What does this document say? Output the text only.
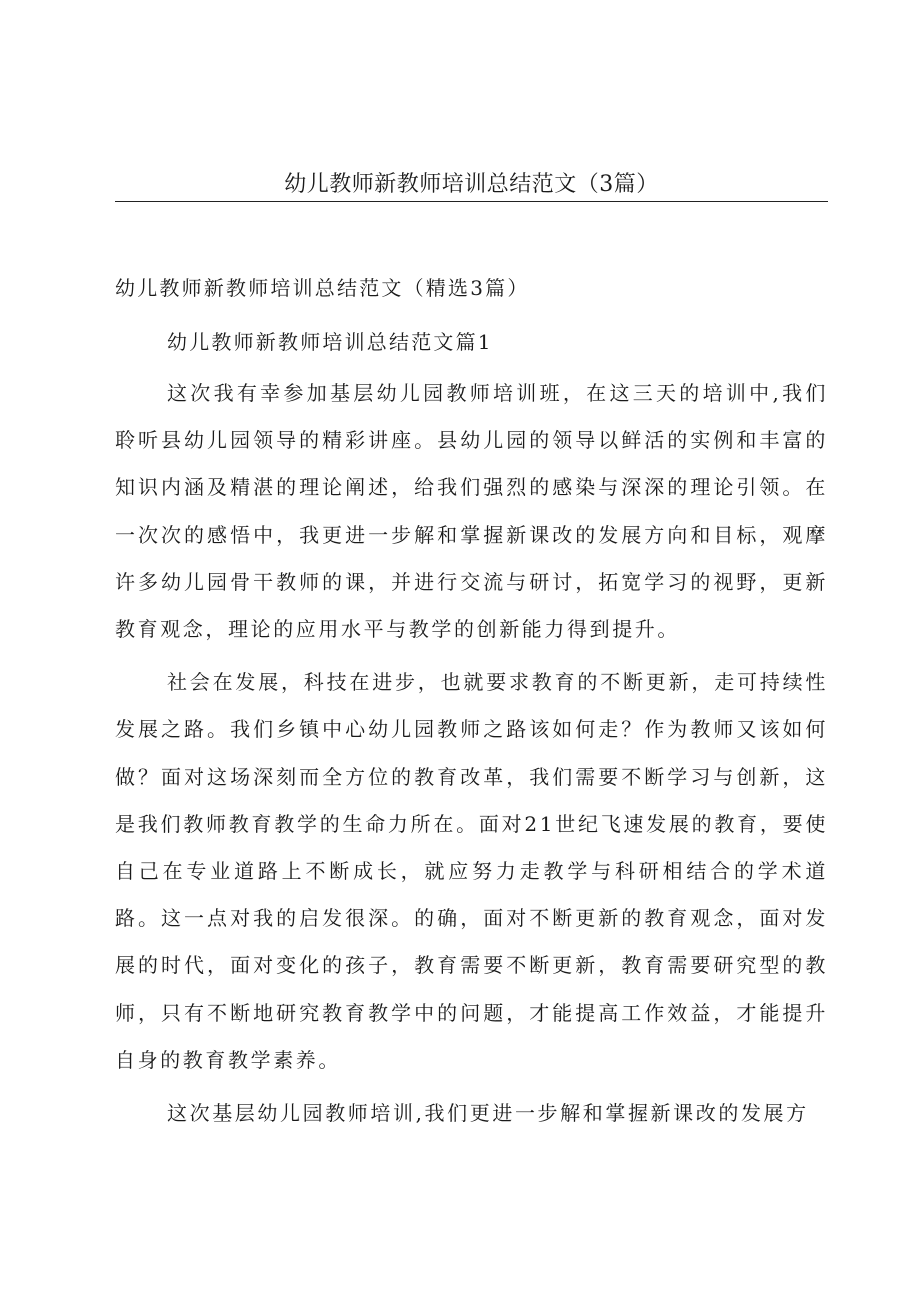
幼儿教师新教师培训总结范文（3篇）
幼儿教师新教师培训总结范文（精选3篇）
幼儿教师新教师培训总结范文篇1

这次我有幸参加基层幼儿园教师培训班，在这三天的培训中,我们聆听县幼儿园领导的精彩讲座。县幼儿园的领导以鲜活的实例和丰富的知识内涵及精湛的理论阐述，给我们强烈的感染与深深的理论引领。在一次次的感悟中，我更进一步解和掌握新课改的发展方向和目标，观摩许多幼儿园骨干教师的课，并进行交流与研讨，拓宽学习的视野，更新教育观念，理论的应用水平与教学的创新能力得到提升。

社会在发展，科技在进步，也就要求教育的不断更新，走可持续性发展之路。我们乡镇中心幼儿园教师之路该如何走？作为教师又该如何做？面对这场深刻而全方位的教育改革，我们需要不断学习与创新，这是我们教师教育教学的生命力所在。面对21世纪飞速发展的教育，要使自己在专业道路上不断成长，就应努力走教学与科研相结合的学术道路。这一点对我的启发很深。的确，面对不断更新的教育观念，面对发展的时代，面对变化的孩子，教育需要不断更新，教育需要研究型的教师，只有不断地研究教育教学中的问题，才能提高工作效益，才能提升自身的教育教学素养。

这次基层幼儿园教师培训,我们更进一步解和掌握新课改的发展方
